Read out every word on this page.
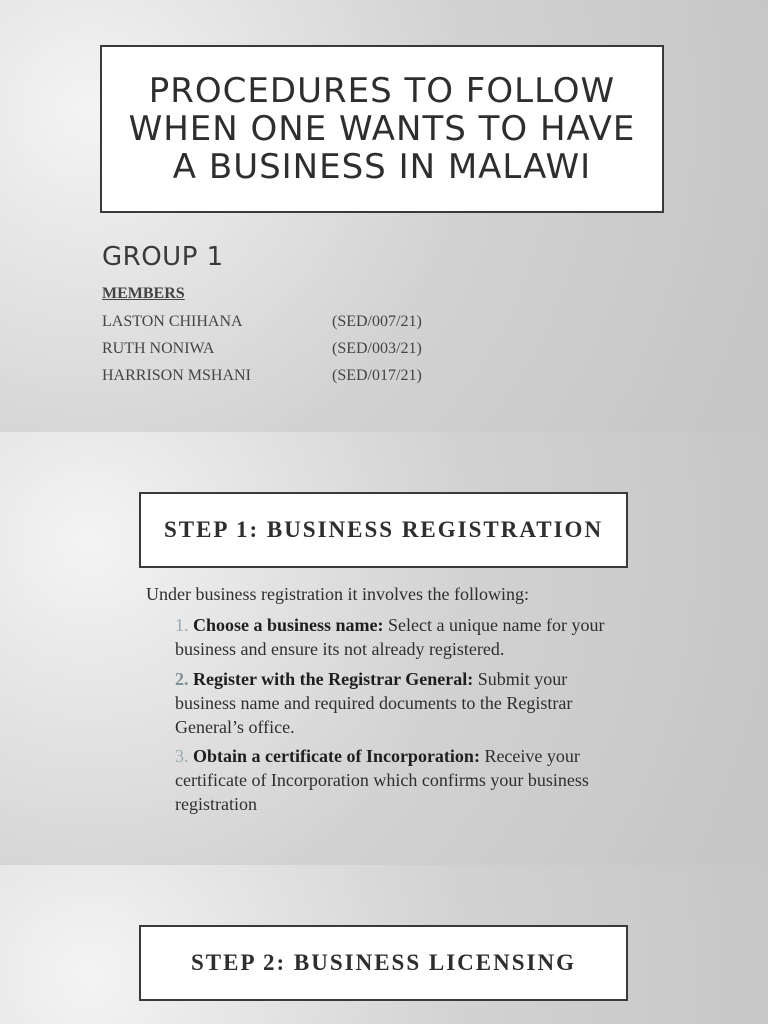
PROCEDURES TO FOLLOW WHEN ONE WANTS TO HAVE A BUSINESS IN MALAWI
GROUP 1
MEMBERS
LASTON CHIHANA	(SED/007/21)
RUTH NONIWA	(SED/003/21)
HARRISON MSHANI	(SED/017/21)
STEP 1: BUSINESS REGISTRATION
Under business registration it involves the following:
1. Choose a business name: Select a unique name for your business and ensure its not already registered.
2. Register with the Registrar General: Submit your business name and required documents to the Registrar General’s office.
3. Obtain a certificate of Incorporation: Receive your certificate of Incorporation which confirms your business registration
STEP 2: BUSINESS LICENSING
